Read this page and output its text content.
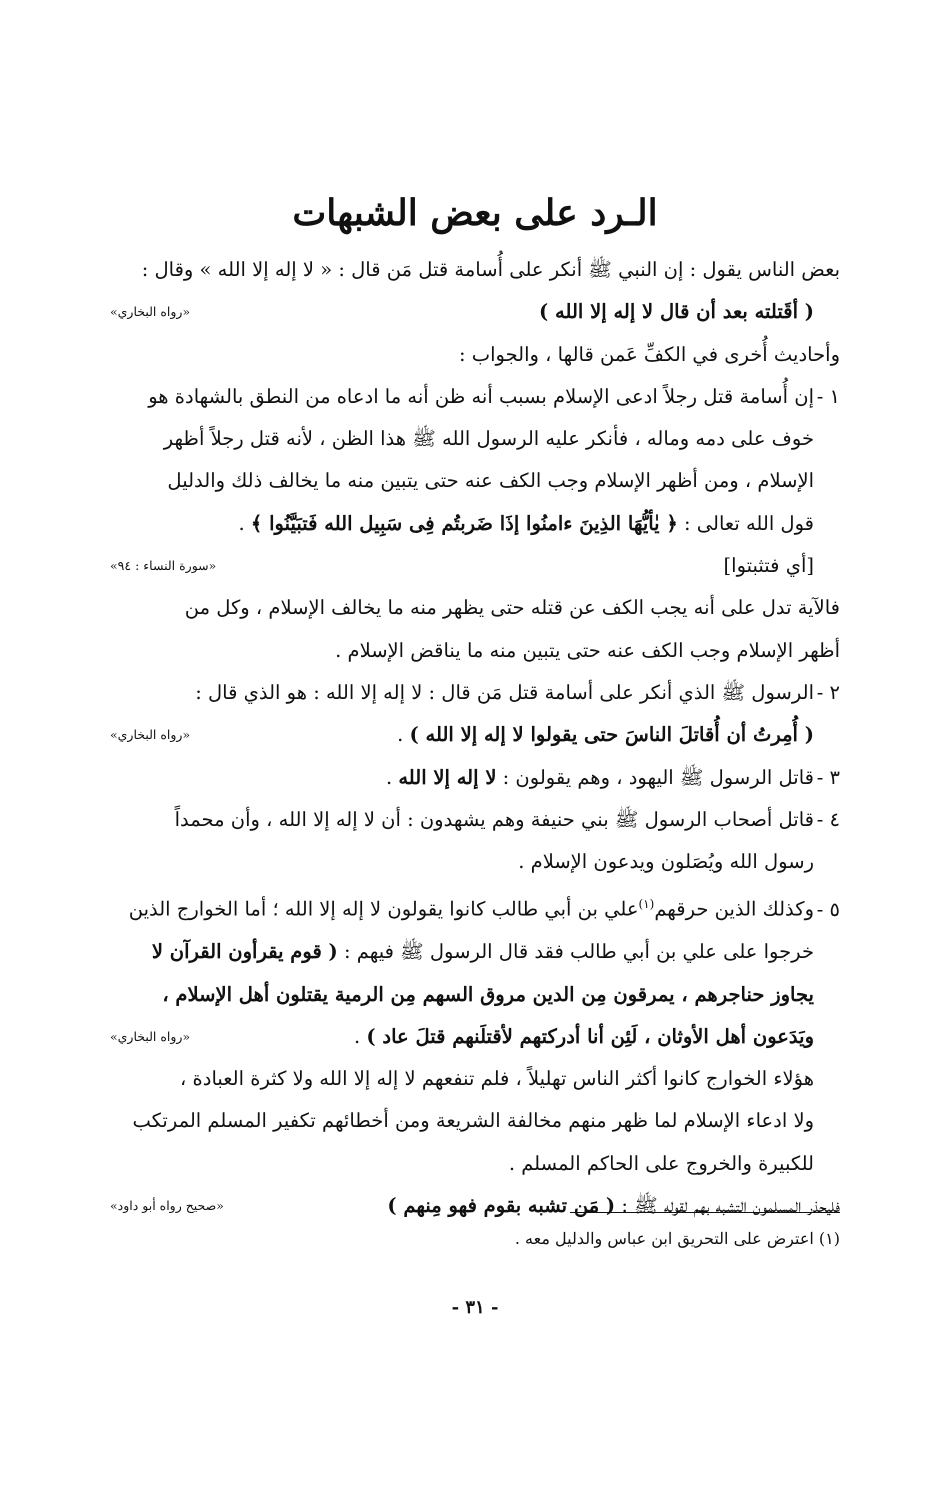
الـرد على بعض الشبهات

بعض الناس يقول : إن النبي ﷺ أنكر على أُسامة قتل مَن قال : « لا إله إلا الله » وقال :

( أقَتلته بعد أن قال لا إله إلا الله )
«رواه البخاري»

وأحاديث أُخرى في الكفِّ عَمن قالها ، والجواب :

١ -إن أُسامة قتل رجلاً ادعى الإسلام بسبب أنه ظن أنه ما ادعاه من النطق بالشهادة هو

خوف على دمه وماله ، فأنكر عليه الرسول الله ﷺ هذا الظن ، لأنه قتل رجلاً أظهر

الإسلام ، ومن أظهر الإسلام وجب الكف عنه حتى يتبين منه ما يخالف ذلك والدليل

قول الله تعالى : ﴿ يٰأيُّهَا الذِينَ ءامنُوا إذَا ضَربتُم فِى سَبِيل الله فَتبَيَّنُوا ﴾ .

[أي فتثبتوا]
«سورة النساء : ٩٤»

فالآية تدل على أنه يجب الكف عن قتله حتى يظهر منه ما يخالف الإسلام ، وكل من

أظهر الإسلام وجب الكف عنه حتى يتبين منه ما يناقض الإسلام .

٢ -الرسول ﷺ الذي أنكر على أسامة قتل مَن قال : لا إله إلا الله : هو الذي قال :

( أُمِرتُ أن أُقاتلَ الناسَ حتى يقولوا لا إله إلا الله ) .
«رواه البخاري»

٣ -قاتل الرسول ﷺ اليهود ، وهم يقولون : لا إله إلا الله .

٤ -قاتل أصحاب الرسول ﷺ بني حنيفة وهم يشهدون : أن لا إله إلا الله ، وأن محمداً

رسول الله ويُصَلون ويدعون الإسلام .

٥ -وكذلك الذين حرقهم$^{(١)}$علي بن أبي طالب كانوا يقولون لا إله إلا الله ؛ أما الخوارج الذين

خرجوا على علي بن أبي طالب فقد قال الرسول ﷺ فيهم : ( قوم يقرأون القرآن لا

يجاوز حناجرهم ، يمرقون مِن الدين مروق السهم مِن الرمية يقتلون أهل الإسلام ،

ويَدَعون أهل الأوثان ، لَئِن أنا أدركتهم لأقتلَنهم قتلَ عاد ) .
«رواه البخاري»

هؤلاء الخوارج كانوا أكثر الناس تهليلاً ، فلم تنفعهم لا إله إلا الله ولا كثرة العبادة ،

ولا ادعاء الإسلام لما ظهر منهم مخالفة الشريعة ومن أخطائهم تكفير المسلم المرتكب

للكبيرة والخروج على الحاكم المسلم .

فليحذر المسلمون التشبه بهم لقوله ﷺ : ( مَن تشبه بقوم فهو مِنهم )
«صحيح رواه أبو داود»

(١) اعترض على التحريق ابن عباس والدليل معه .

- ٣١ -
